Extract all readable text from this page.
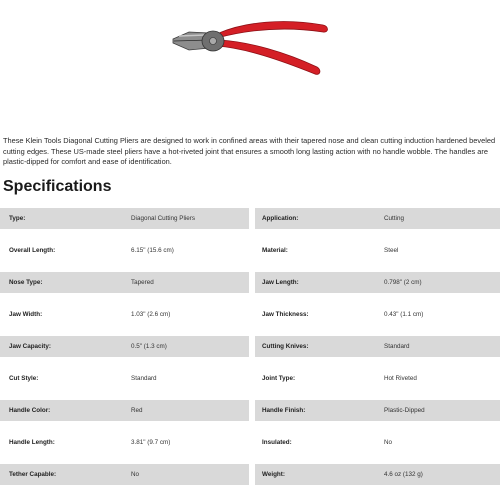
These Klein Tools Diagonal Cutting Pliers are designed to work in confined areas with their tapered nose and clean cutting induction hardened beveled cutting edges. These US-made steel pliers have a hot-riveted joint that ensures a smooth long lasting action with no handle wobble. The handles are plastic-dipped for comfort and ease of identification.

Specifications
Type:	Diagonal Cutting Pliers	Application:	Cutting
Overall Length:	6.15" (15.6 cm)	Material:	Steel
Nose Type:	Tapered	Jaw Length:	0.798" (2 cm)
Jaw Width:	1.03" (2.6 cm)	Jaw Thickness:	0.43" (1.1 cm)
Jaw Capacity:	0.5" (1.3 cm)	Cutting Knives:	Standard
Cut Style:	Standard	Joint Type:	Hot Riveted
Handle Color:	Red	Handle Finish:	Plastic-Dipped
Handle Length:	3.81" (9.7 cm)	Insulated:	No
Tether Capable:	No	Weight:	4.6 oz (132 g)
